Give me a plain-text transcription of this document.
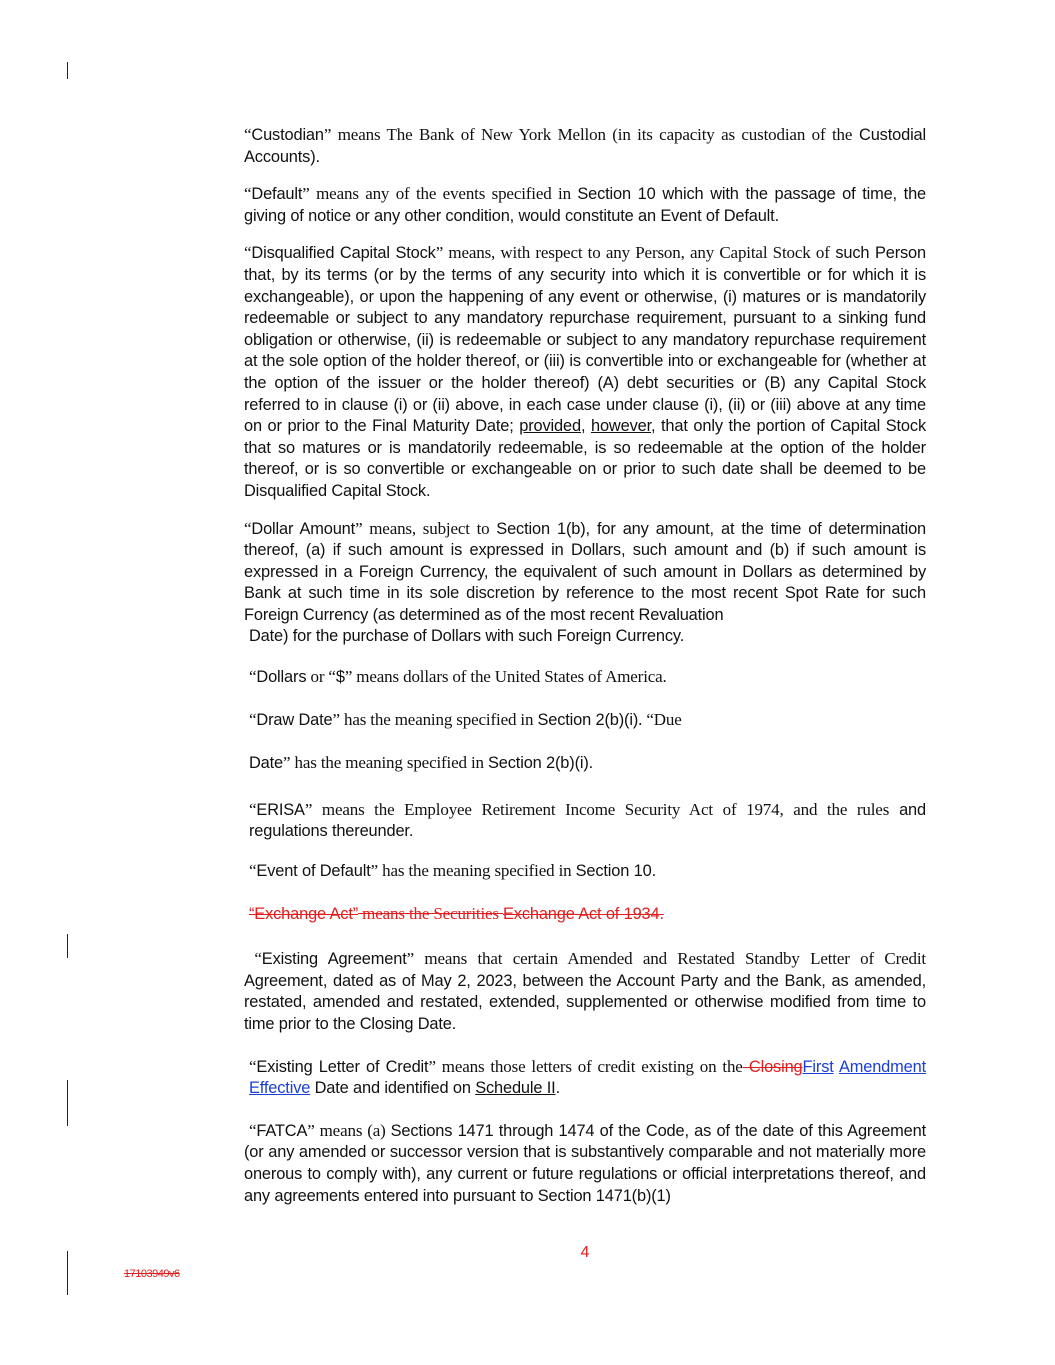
“Custodian” means The Bank of New York Mellon (in its capacity as custodian of the Custodial Accounts).

“Default” means any of the events specified in Section 10 which with the passage of time, the giving of notice or any other condition, would constitute an Event of Default.

“Disqualified Capital Stock” means, with respect to any Person, any Capital Stock of such Person that, by its terms (or by the terms of any security into which it is convertible or for which it is exchangeable), or upon the happening of any event or otherwise, (i) matures or is mandatorily redeemable or subject to any mandatory repurchase requirement, pursuant to a sinking fund obligation or otherwise, (ii) is redeemable or subject to any mandatory repurchase requirement at the sole option of the holder thereof, or (iii) is convertible into or exchangeable for (whether at the option of the issuer or the holder thereof) (A) debt securities or (B) any Capital Stock referred to in clause (i) or (ii) above, in each case under clause (i), (ii) or (iii) above at any time on or prior to the Final Maturity Date; provided, however, that only the portion of Capital Stock that so matures or is mandatorily redeemable, is so redeemable at the option of the holder thereof, or is so convertible or exchangeable on or prior to such date shall be deemed to be Disqualified Capital Stock.

“Dollar Amount” means, subject to Section 1(b), for any amount, at the time of determination thereof, (a) if such amount is expressed in Dollars, such amount and (b) if such amount is expressed in a Foreign Currency, the equivalent of such amount in Dollars as determined by Bank at such time in its sole discretion by reference to the most recent Spot Rate for such Foreign Currency (as determined as of the most recent Revaluation

Date) for the purchase of Dollars with such Foreign Currency.

“Dollars or “$” means dollars of the United States of America.

“Draw Date” has the meaning specified in Section 2(b)(i). “Due

Date” has the meaning specified in Section 2(b)(i).

“ERISA” means the Employee Retirement Income Security Act of 1974, and the rules and regulations thereunder.

“Event of Default” has the meaning specified in Section 10.

“Exchange Act” means the Securities Exchange Act of 1934.

“Existing Agreement” means that certain Amended and Restated Standby Letter of Credit Agreement, dated as of May 2, 2023, between the Account Party and the Bank, as amended, restated, amended and restated, extended, supplemented or otherwise modified from time to time prior to the Closing Date.

“Existing Letter of Credit” means those letters of credit existing on the ClosingFirst Amendment Effective Date and identified on Schedule II.

“FATCA” means (a) Sections 1471 through 1474 of the Code, as of the date of this Agreement (or any amended or successor version that is substantively comparable and not materially more onerous to comply with), any current or future regulations or official interpretations thereof, and any agreements entered into pursuant to Section 1471(b)(1)

4
17103949v6
